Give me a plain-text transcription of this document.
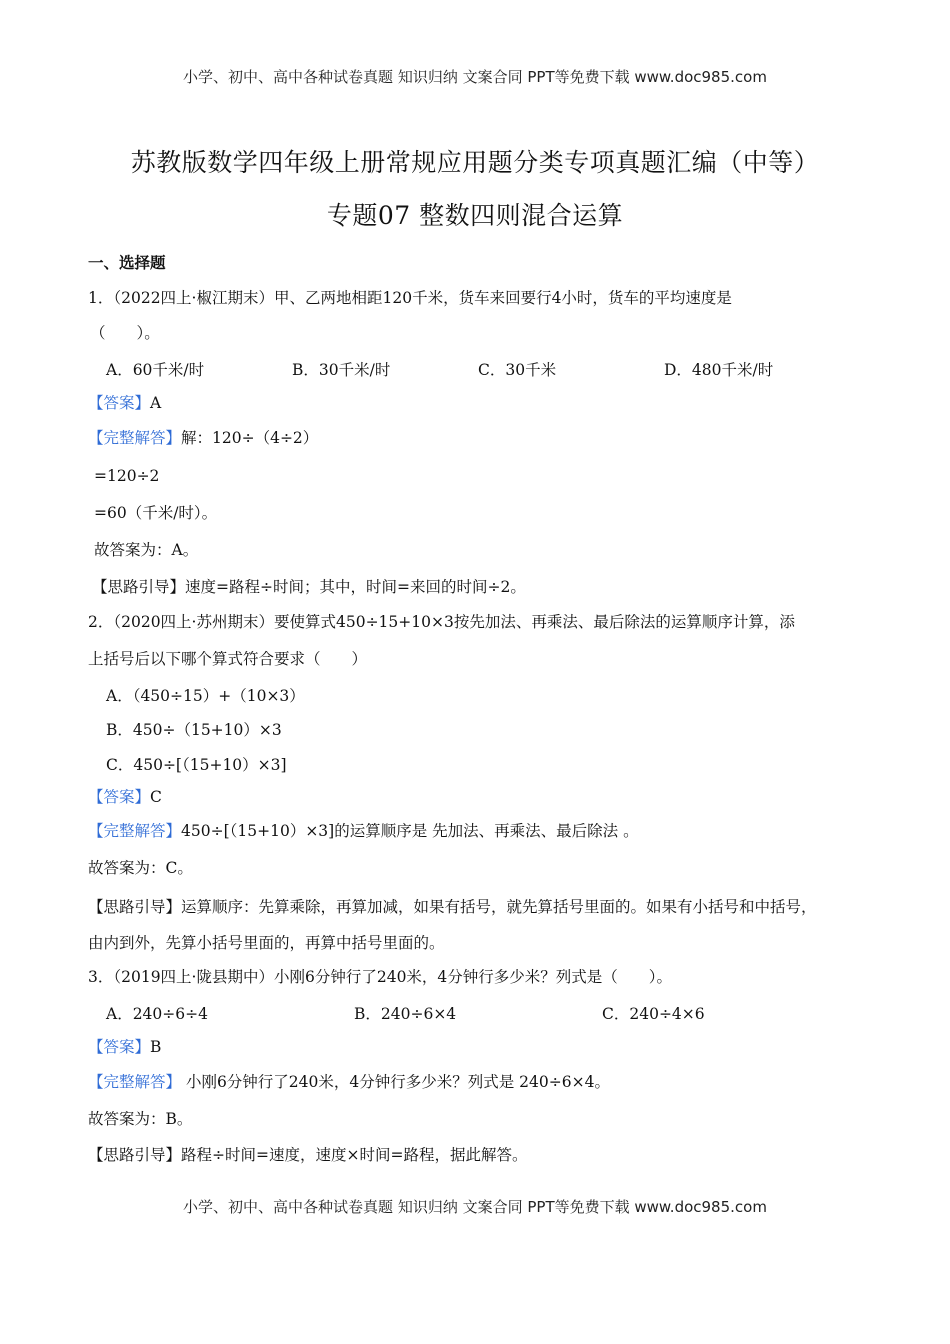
小学、初中、高中各种试卷真题 知识归纳 文案合同 PPT等免费下载 www.doc985.com
苏教版数学四年级上册常规应用题分类专项真题汇编（中等）
专题07 整数四则混合运算
一、选择题
1．（2022四上·椒江期末）甲、乙两地相距120千米，货车来回要行4小时，货车的平均速度是
（　　）。
A．60千米/时	B．30千米/时	C．30千米	D．480千米/时
【答案】A
【完整解答】解：120÷（4÷2）
=120÷2
=60（千米/时）。
故答案为：A。
【思路引导】速度=路程÷时间；其中，时间=来回的时间÷2。
2．（2020四上·苏州期末）要使算式450÷15+10×3按先加法、再乘法、最后除法的运算顺序计算，添
上括号后以下哪个算式符合要求（　　）
A．（450÷15）+（10×3）
B．450÷（15+10）×3
C．450÷[（15+10）×3]
【答案】C
【完整解答】450÷[（15+10）×3]的运算顺序是 先加法、再乘法、最后除法 。
故答案为：C。
【思路引导】运算顺序：先算乘除，再算加减，如果有括号，就先算括号里面的。如果有小括号和中括号，
由内到外，先算小括号里面的，再算中括号里面的。
3．（2019四上·陇县期中）小刚6分钟行了240米，4分钟行多少米？列式是（　　）。
A．240÷6÷4	B．240÷6×4	C．240÷4×6
【答案】B
【完整解答】 小刚6分钟行了240米，4分钟行多少米？列式是 240÷6×4。
故答案为：B。
【思路引导】路程÷时间=速度，速度×时间=路程，据此解答。
小学、初中、高中各种试卷真题 知识归纳 文案合同 PPT等免费下载 www.doc985.com
